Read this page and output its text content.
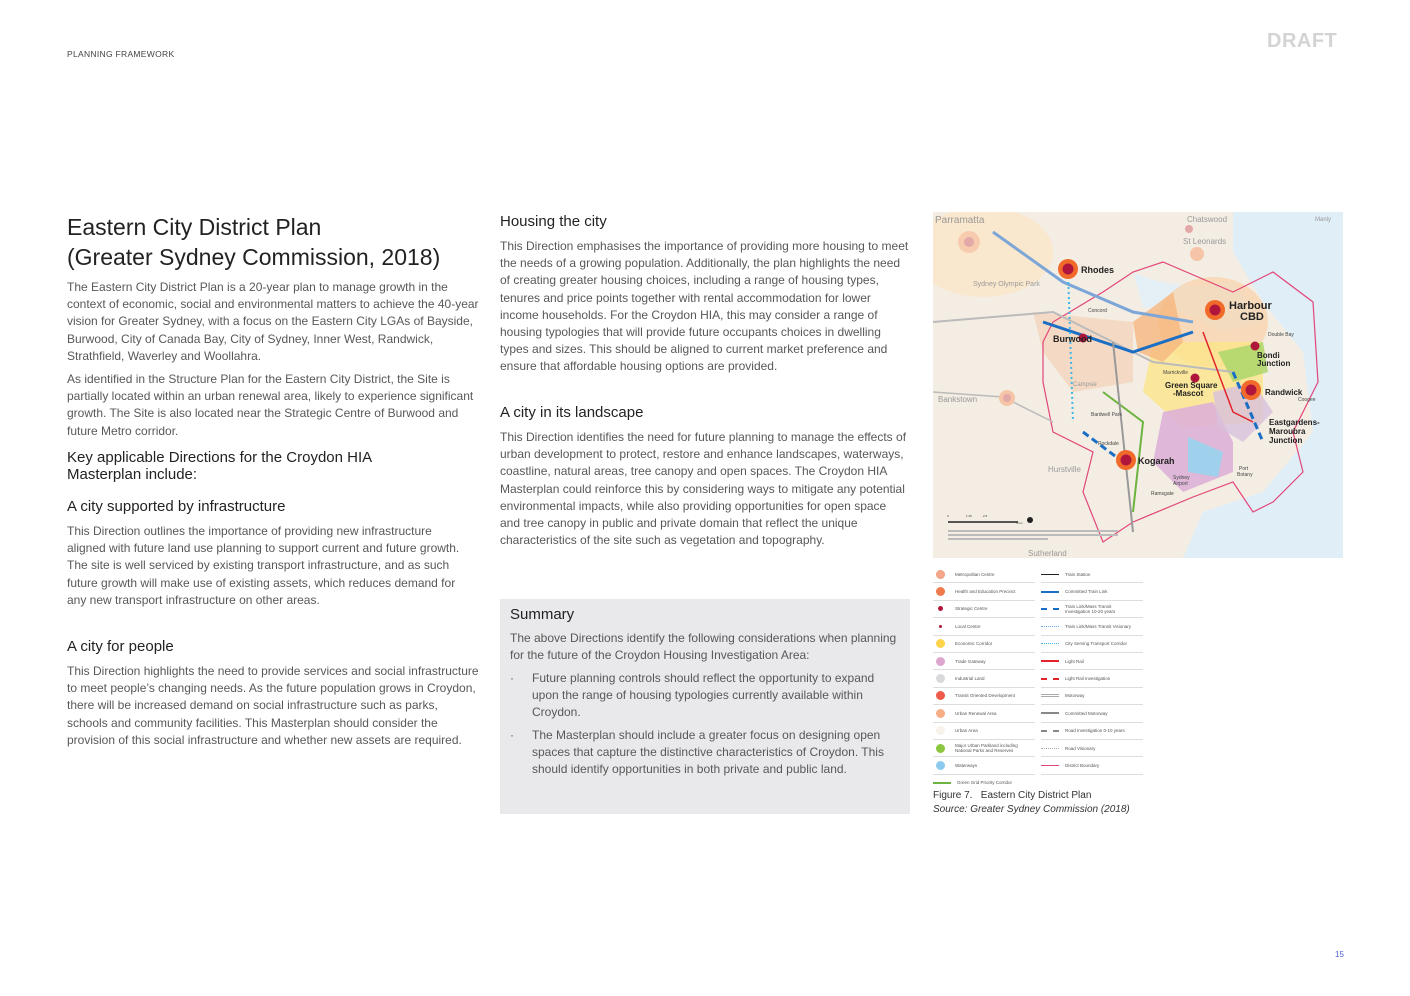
PLANNING FRAMEWORK
DRAFT
Eastern City District Plan
(Greater Sydney Commission, 2018)

The Eastern City District Plan is a 20-year plan to manage growth in the context of economic, social and environmental matters to achieve the 40-year vision for Greater Sydney, with a focus on the Eastern City LGAs of Bayside, Burwood, City of Canada Bay, City of Sydney, Inner West, Randwick, Strathfield, Waverley and Woollahra.

As identified in the Structure Plan for the Eastern City District, the Site is partially located within an urban renewal area, likely to experience significant growth. The Site is also located near the Strategic Centre of Burwood and future Metro corridor.

Key applicable Directions for the Croydon HIA Masterplan include:
A city supported by infrastructure

This Direction outlines the importance of providing new infrastructure aligned with future land use planning to support current and future growth. The site is well serviced by existing transport infrastructure, and as such future growth will make use of existing assets, which reduces demand for any new transport infrastructure on other areas.

A city for people

This Direction highlights the need to provide services and social infrastructure to meet people’s changing needs. As the future population grows in Croydon, there will be increased demand on social infrastructure such as parks, schools and community facilities. This Masterplan should consider the provision of this social infrastructure and whether new assets are required.

Housing the city

This Direction emphasises the importance of providing more housing to meet the needs of a growing population. Additionally, the plan highlights the need of creating greater housing choices, including a range of housing types, tenures and price points together with rental accommodation for lower income households. For the Croydon HIA, this may consider a range of housing typologies that will provide future occupants choices in dwelling types and sizes. This should be aligned to current market preference and ensure that affordable housing options are provided.

A city in its landscape

This Direction identifies the need for future planning to manage the effects of urban development to protect, restore and enhance landscapes, waterways, coastline, natural areas, tree canopy and open spaces. The Croydon HIA Masterplan could reinforce this by considering ways to mitigate any potential environmental impacts, while also providing opportunities for open space and tree canopy in public and private domain that reflect the unique characteristics of the site such as vegetation and topography.

Summary

The above Directions identify the following considerations when planning for the future of the Croydon Housing Investigation Area:

· Future planning controls should reflect the opportunity to expand upon the range of housing typologies currently available within Croydon.
· The Masterplan should include a greater focus on designing open spaces that capture the distinctive characteristics of Croydon. This should identify opportunities in both private and public land.
Parramatta	Chatswood
St Leonards
Manly
Sydney Olympic Park
Bankstown
Hurstville
Sutherland
Campsie
Rhodes
Burwood
Harbour
CBD
Bondi
Junction
Green Square
-Mascot	Randwick
Kogarah
Eastgardens-
Maroubra
Junction
Sydney
Airport
Bardwell Park
Rockdale
Ramsgate
Marrickville
Port
Botany
Coogee
Concord
Double Bay
0	1.25	2.5
5 km
Metropolitan Centre
Health and Education Precinct
Strategic Centre
Local Centre
Economic Corridor
Trade Gateway
Industrial Land
Transit Oriented Development
Urban Renewal Area
Urban Area
Major Urban Parkland including National Parks and Reserves
Waterways
Green Grid Priority Corridor
Train Station
Committed Train Link
Train Link/Mass Transit Investigation 10-20 years
Train Link/Mass Transit Visionary
City Serving Transport Corridor
Light Rail
Light Rail Investigation
Motorway
Committed Motorway
Road Investigation 0-10 years
Road Visionary
District Boundary
Figure 7.   Eastern City District Plan
Source: Greater Sydney Commission (2018)
15
